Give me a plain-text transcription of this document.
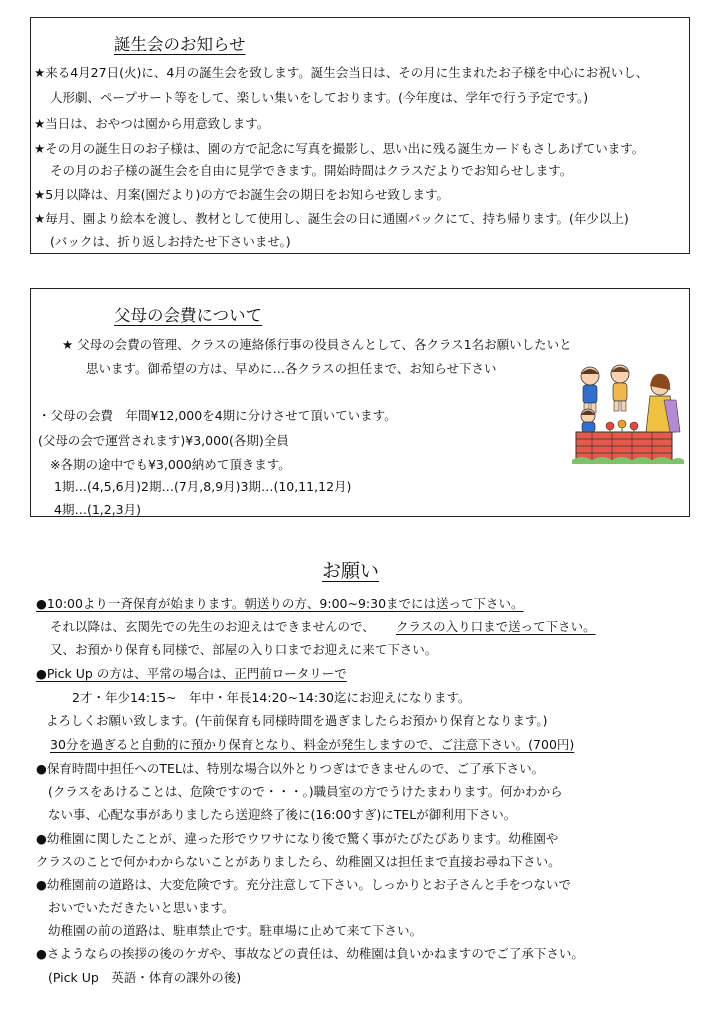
誕生会のお知らせ
★来る4月27日(火)に、4月の誕生会を致します。誕生会当日は、その月に生まれたお子様を中心にお祝いし、
人形劇、ペープサート等をして、楽しい集いをしております。(今年度は、学年で行う予定です。)
★当日は、おやつは園から用意致します。
★その月の誕生日のお子様は、園の方で記念に写真を撮影し、思い出に残る誕生カードもさしあげています。
その月のお子様の誕生会を自由に見学できます。開始時間はクラスだよりでお知らせします。
★5月以降は、月案(園だより)の方でお誕生会の期日をお知らせ致します。
★毎月、園より絵本を渡し、教材として使用し、誕生会の日に通園バックにて、持ち帰ります。(年少以上)
(バックは、折り返しお持たせ下さいませ。)
父母の会費について
★ 父母の会費の管理、クラスの連絡係行事の役員さんとして、各クラス1名お願いしたいと
思います。御希望の方は、早めに…各クラスの担任まで、お知らせ下さい
・父母の会費　年間¥12,000を4期に分けさせて頂いています。
(父母の会で運営されます)¥3,000(各期)全員
※各期の途中でも¥3,000納めて頂きます。
1期…(4,5,6月)2期…(7月,8,9月)3期…(10,11,12月)
4期…(1,2,3月)
お願い
●10:00より一斉保育が始まります。朝送りの方、9:00~9:30までには送って下さい。
それ以降は、玄関先での先生のお迎えはできませんので、 クラスの入り口まで送って下さい。
又、お預かり保育も同様で、部屋の入り口までお迎えに来て下さい。
●Pick Up の方は、平常の場合は、正門前ロータリーで
2才・年少14:15~　年中・年長14:20~14:30迄にお迎えになります。
よろしくお願い致します。(午前保育も同様時間を過ぎましたらお預かり保育となります。)
30分を過ぎると自動的に預かり保育となり、料金が発生しますので、ご注意下さい。(700円)
●保育時間中担任へのTELは、特別な場合以外とりつぎはできませんので、ご了承下さい。
(クラスをあけることは、危険ですので・・・。)職員室の方でうけたまわります。何かわから
ない事、心配な事がありましたら送迎終了後に(16:00すぎ)にTELが御利用下さい。
●幼稚園に関したことが、違った形でウワサになり後で驚く事がたびたびあります。幼稚園や
クラスのことで何かわからないことがありましたら、幼稚園又は担任まで直接お尋ね下さい。
●幼稚園前の道路は、大変危険です。充分注意して下さい。しっかりとお子さんと手をつないで
おいでいただきたいと思います。
幼稚園の前の道路は、駐車禁止です。駐車場に止めて来て下さい。
●さようならの挨拶の後のケガや、事故などの責任は、幼稚園は負いかねますのでご了承下さい。
(Pick Up　英語・体育の課外の後)
